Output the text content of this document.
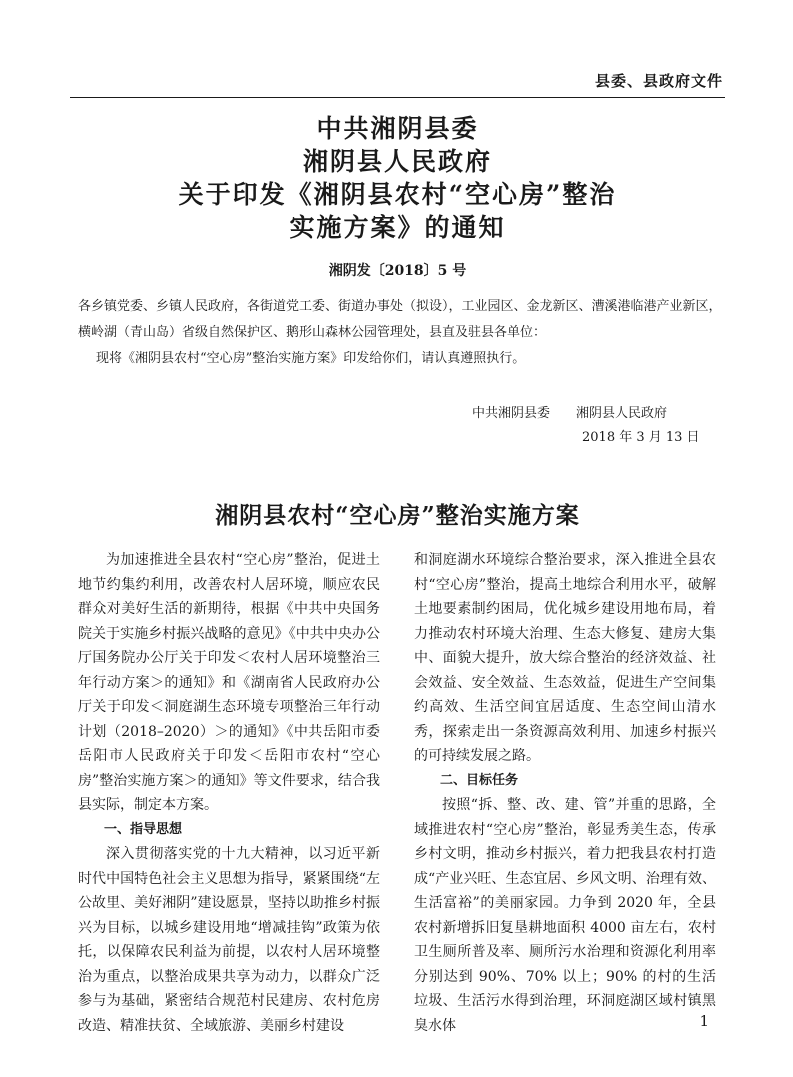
县委、县政府文件
中共湘阴县委
湘阴县人民政府
关于印发《湘阴县农村“空心房”整治
实施方案》的通知
湘阴发〔2018〕5 号
各乡镇党委、乡镇人民政府，各街道党工委、街道办事处（拟设），工业园区、金龙新区、漕溪港临港产业新区，横岭湖（青山岛）省级自然保护区、鹅形山森林公园管理处，县直及驻县各单位：
现将《湘阴县农村“空心房”整治实施方案》印发给你们，请认真遵照执行。
中共湘阴县委 湘阴县人民政府
2018 年 3 月 13 日
湘阴县农村“空心房”整治实施方案

为加速推进全县农村“空心房”整治，促进土地节约集约利用，改善农村人居环境，顺应农民群众对美好生活的新期待，根据《中共中央国务院关于实施乡村振兴战略的意见》《中共中央办公厅国务院办公厅关于印发＜农村人居环境整治三年行动方案＞的通知》和《湖南省人民政府办公厅关于印发＜洞庭湖生态环境专项整治三年行动计划（2018–2020）＞的通知》《中共岳阳市委岳阳市人民政府关于印发＜岳阳市农村“空心房”整治实施方案＞的通知》等文件要求，结合我县实际，制定本方案。

一、指导思想

深入贯彻落实党的十九大精神，以习近平新时代中国特色社会主义思想为指导，紧紧围绕“左公故里、美好湘阴”建设愿景，坚持以助推乡村振兴为目标，以城乡建设用地“增减挂钩”政策为依托，以保障农民利益为前提，以农村人居环境整治为重点，以整治成果共享为动力，以群众广泛参与为基础，紧密结合规范村民建房、农村危房改造、精准扶贫、全域旅游、美丽乡村建设

和洞庭湖水环境综合整治要求，深入推进全县农村“空心房”整治，提高土地综合利用水平，破解土地要素制约困局，优化城乡建设用地布局，着力推动农村环境大治理、生态大修复、建房大集中、面貌大提升，放大综合整治的经济效益、社会效益、安全效益、生态效益，促进生产空间集约高效、生活空间宜居适度、生态空间山清水秀，探索走出一条资源高效利用、加速乡村振兴的可持续发展之路。

二、目标任务

按照“拆、整、改、建、管”并重的思路，全域推进农村“空心房”整治，彰显秀美生态，传承乡村文明，推动乡村振兴，着力把我县农村打造成“产业兴旺、生态宜居、乡风文明、治理有效、生活富裕”的美丽家园。力争到 2020 年，全县农村新增拆旧复垦耕地面积 4000 亩左右，农村卫生厕所普及率、厕所污水治理和资源化利用率分别达到 90%、70% 以上；90% 的村的生活垃圾、生活污水得到治理，环洞庭湖区域村镇黑臭水体	1
